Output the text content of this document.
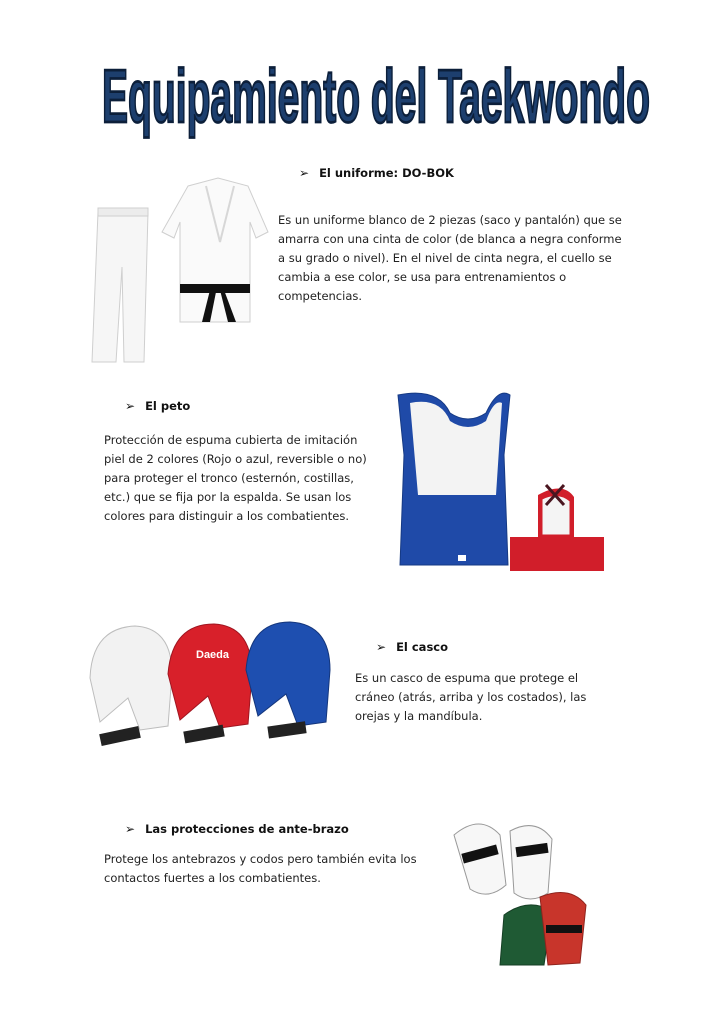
Equipamiento del Taekwondo
➢ El uniforme: DO-BOK
Es un uniforme blanco de 2 piezas (saco y pantalón) que se amarra con una cinta de color (de blanca a negra conforme a su grado o nivel). En el nivel de cinta negra, el cuello se cambia a ese color, se usa para entrenamientos o competencias.
➢ El peto
Protección de espuma cubierta de imitación piel de 2 colores (Rojo o azul, reversible o no) para proteger el tronco (esternón, costillas, etc.) que se fija por la espalda. Se usan los colores para distinguir a los combatientes.
Daeda
➢ El casco
Es un casco de espuma que protege el cráneo (atrás, arriba y los costados), las orejas y la mandíbula.
➢ Las protecciones de ante-brazo
Protege los antebrazos y codos pero también evita los contactos fuertes a los combatientes.
